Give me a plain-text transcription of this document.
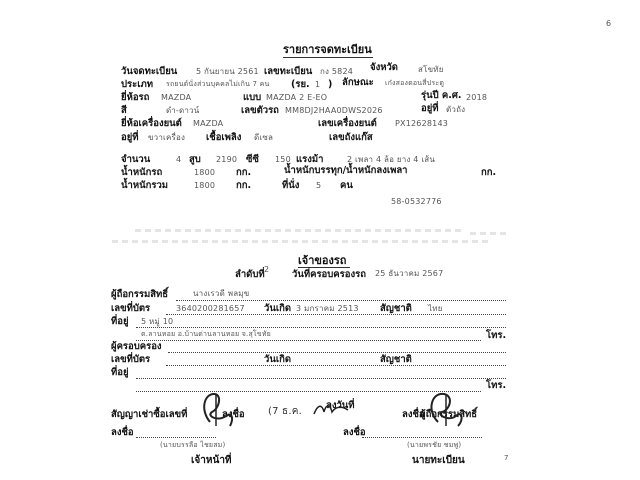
6
รายการจดทะเบียน
วันจดทะเบียน 5 กันยายน 2561 เลขทะเบียน กง 5824 จังหวัด	สโขทัย
ประเภท รถยนต์นั่งส่วนบุคคลไม่เกิน 7 คน (รย. 1 ) ลักษณะ เก๋งสองตอนสี่ประตู
ยี่ห้อรถ MAZDA	แบบ MAZDA 2 E-EO	รุ่นปี ค.ศ. 2018
สี	ดำ-ดาวน์	เลขตัวรถ MM8DJ2HAA0DWS2026	อยู่ที่ ตัวถัง
ยี่ห้อเครื่องยนต์ MAZDA	เลขเครื่องยนต์ PX12628143
อยู่ที่ ขวาเครื่อง เชื้อเพลิง ดีเซล	เลขถังแก๊ส
จำนวน	4 สูบ 2190 ซีซี 150 แรงม้า	2 เพลา 4 ล้อ ยาง 4 เส้น
น้ำหนักรถ	1800 กก.	น้ำหนักบรรทุก/น้ำหนักลงเพลา	กก.
น้ำหนักรวม	1800 กก.	ที่นั่ง 5 คน
58-0532776
เจ้าของรถ
ลำดับที่ 2 วันที่ครอบครองรถ 25 ธันวาคม 2567
ผู้ถือกรรมสิทธิ์	นางเรวดี พลมุข
เลขที่บัตร	3640200281657 วันเกิด 3 มกราคม 2513 สัญชาติ ไทย
ที่อยู่ 5 หมู่ 10
ต.ลานหอย อ.บ้านด่านลานหอย จ.สุโขทัย	โทร.
ผู้ครอบครอง
เลขที่บัตร	วันเกิด	สัญชาติ
ที่อยู่
โทร.
สัญญาเช่าซื้อเลขที่
ลงวันที่
ลงชื่อ (7 ธ.ค.	ลงชื่อ
ผู้ถือกรรมสิทธิ์
ลงชื่อ
(นายบรรลือ ไชยสม)
ลงชื่อ
(นายพรชัย ชมพู)
เจ้าหน้าที่	นายทะเบียน	7
